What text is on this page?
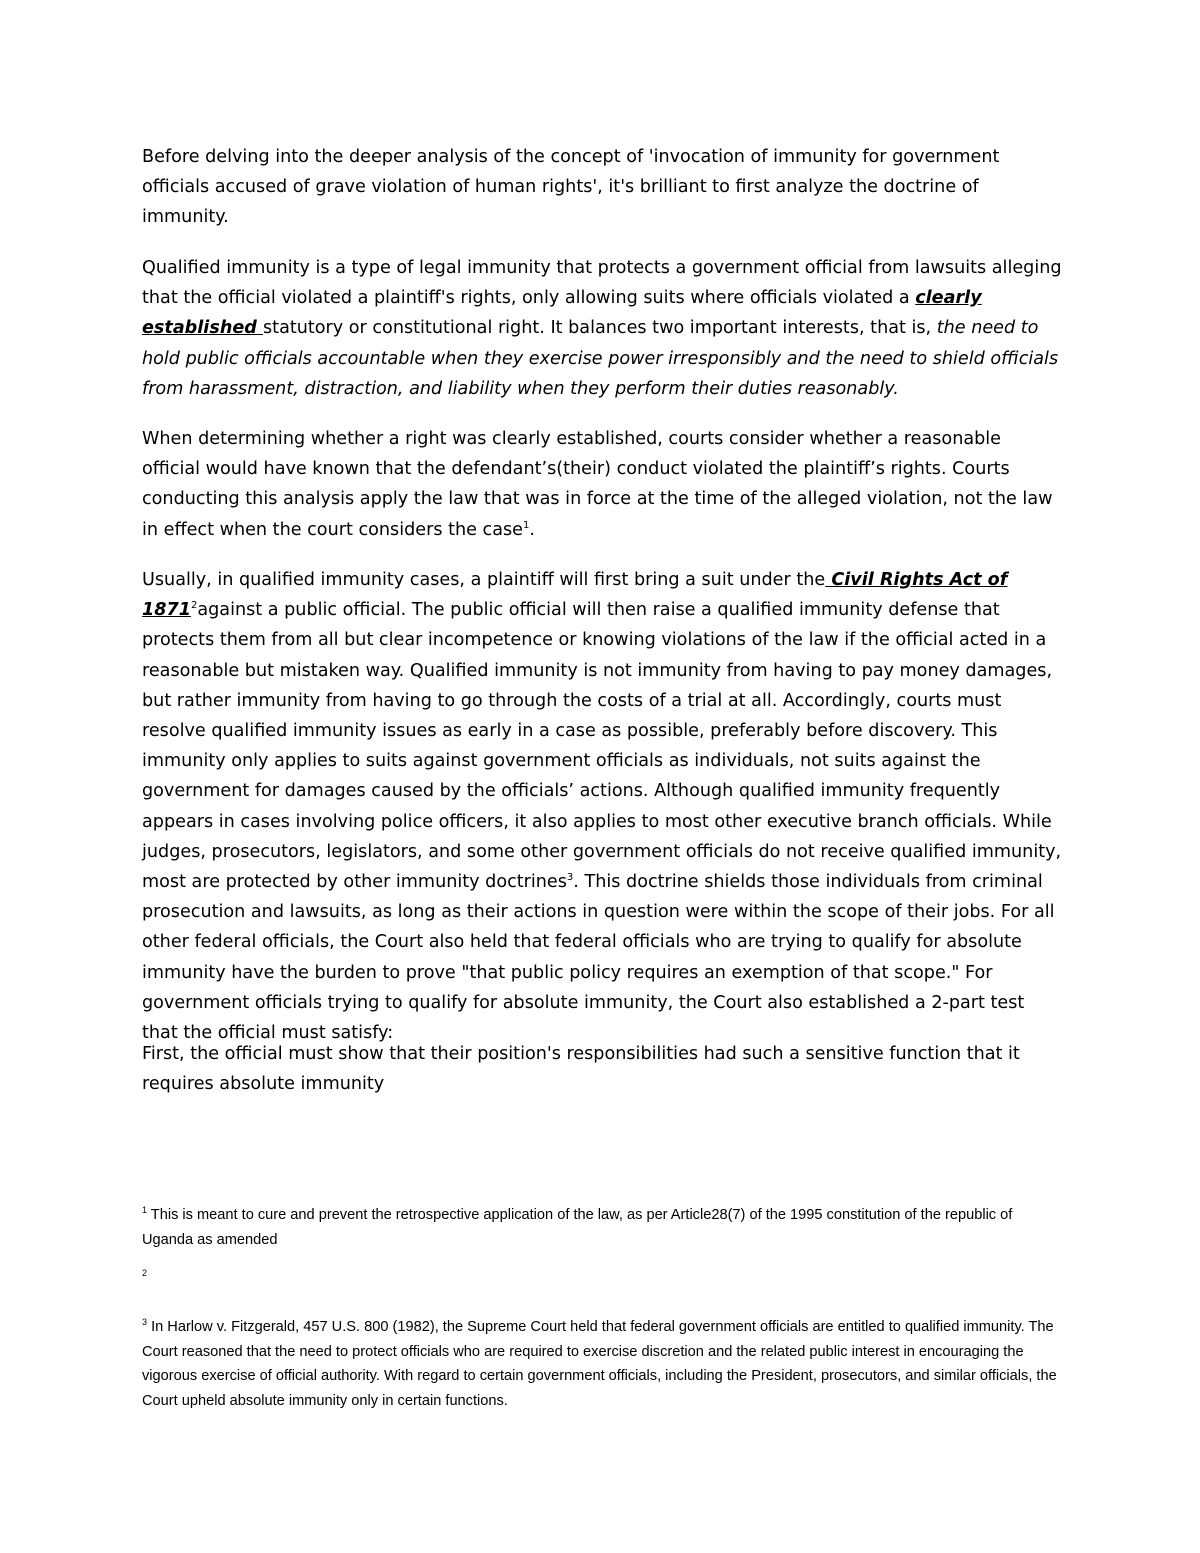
Before delving into the deeper analysis of the concept of 'invocation of immunity for government officials accused of grave violation of human rights', it's brilliant to first analyze the doctrine of immunity.

Qualified immunity is a type of legal immunity that protects a government official from lawsuits alleging that the official violated a plaintiff's rights, only allowing suits where officials violated a clearly established statutory or constitutional right. It balances two important interests, that is, the need to hold public officials accountable when they exercise power irresponsibly and the need to shield officials from harassment, distraction, and liability when they perform their duties reasonably.

When determining whether a right was clearly established, courts consider whether a reasonable official would have known that the defendant’s(their) conduct violated the plaintiff’s rights. Courts conducting this analysis apply the law that was in force at the time of the alleged violation, not the law in effect when the court considers the case$^1$.

Usually, in qualified immunity cases, a plaintiff will first bring a suit under the Civil Rights Act of 1871$^2$against a public official. The public official will then raise a qualified immunity defense that protects them from all but clear incompetence or knowing violations of the law if the official acted in a reasonable but mistaken way. Qualified immunity is not immunity from having to pay money damages, but rather immunity from having to go through the costs of a trial at all. Accordingly, courts must resolve qualified immunity issues as early in a case as possible, preferably before discovery. This immunity only applies to suits against government officials as individuals, not suits against the government for damages caused by the officials’ actions. Although qualified immunity frequently appears in cases involving police officers, it also applies to most other executive branch officials. While judges, prosecutors, legislators, and some other government officials do not receive qualified immunity, most are protected by other immunity doctrines$^3$. This doctrine shields those individuals from criminal prosecution and lawsuits, as long as their actions in question were within the scope of their jobs. For all other federal officials, the Court also held that federal officials who are trying to qualify for absolute immunity have the burden to prove "that public policy requires an exemption of that scope." For government officials trying to qualify for absolute immunity, the Court also established a 2-part test that the official must satisfy:

First, the official must show that their position's responsibilities had such a sensitive function that it requires absolute immunity

$^1$ This is meant to cure and prevent the retrospective application of the law, as per Article28(7) of the 1995 constitution of the republic of Uganda as amended

$^2$

$^3$ In Harlow v. Fitzgerald, 457 U.S. 800 (1982), the Supreme Court held that federal government officials are entitled to qualified immunity. The Court reasoned that the need to protect officials who are required to exercise discretion and the related public interest in encouraging the vigorous exercise of official authority. With regard to certain government officials, including the President, prosecutors, and similar officials, the Court upheld absolute immunity only in certain functions.
